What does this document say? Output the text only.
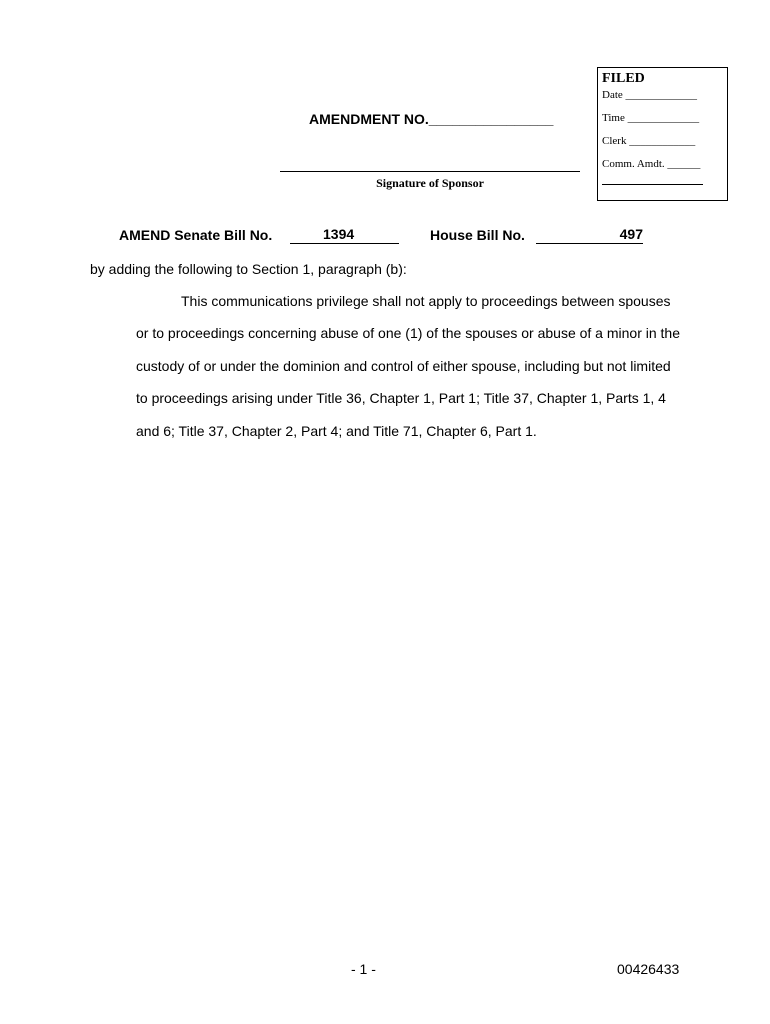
FILED
Date _____________
Time _____________
Clerk ____________
Comm. Amdt. ______
AMENDMENT NO.________________
Signature of Sponsor
AMEND Senate Bill No.	1394	House Bill No.	497
by adding the following to Section 1, paragraph (b):
This communications privilege shall not apply to proceedings between spouses
or to proceedings concerning abuse of one (1) of the spouses or abuse of a minor in the
custody of or under the dominion and control of either spouse, including but not limited
to proceedings arising under Title 36, Chapter 1, Part 1; Title 37, Chapter 1, Parts 1, 4
and 6; Title 37, Chapter 2, Part 4; and Title 71, Chapter 6, Part 1.
- 1 -	00426433
